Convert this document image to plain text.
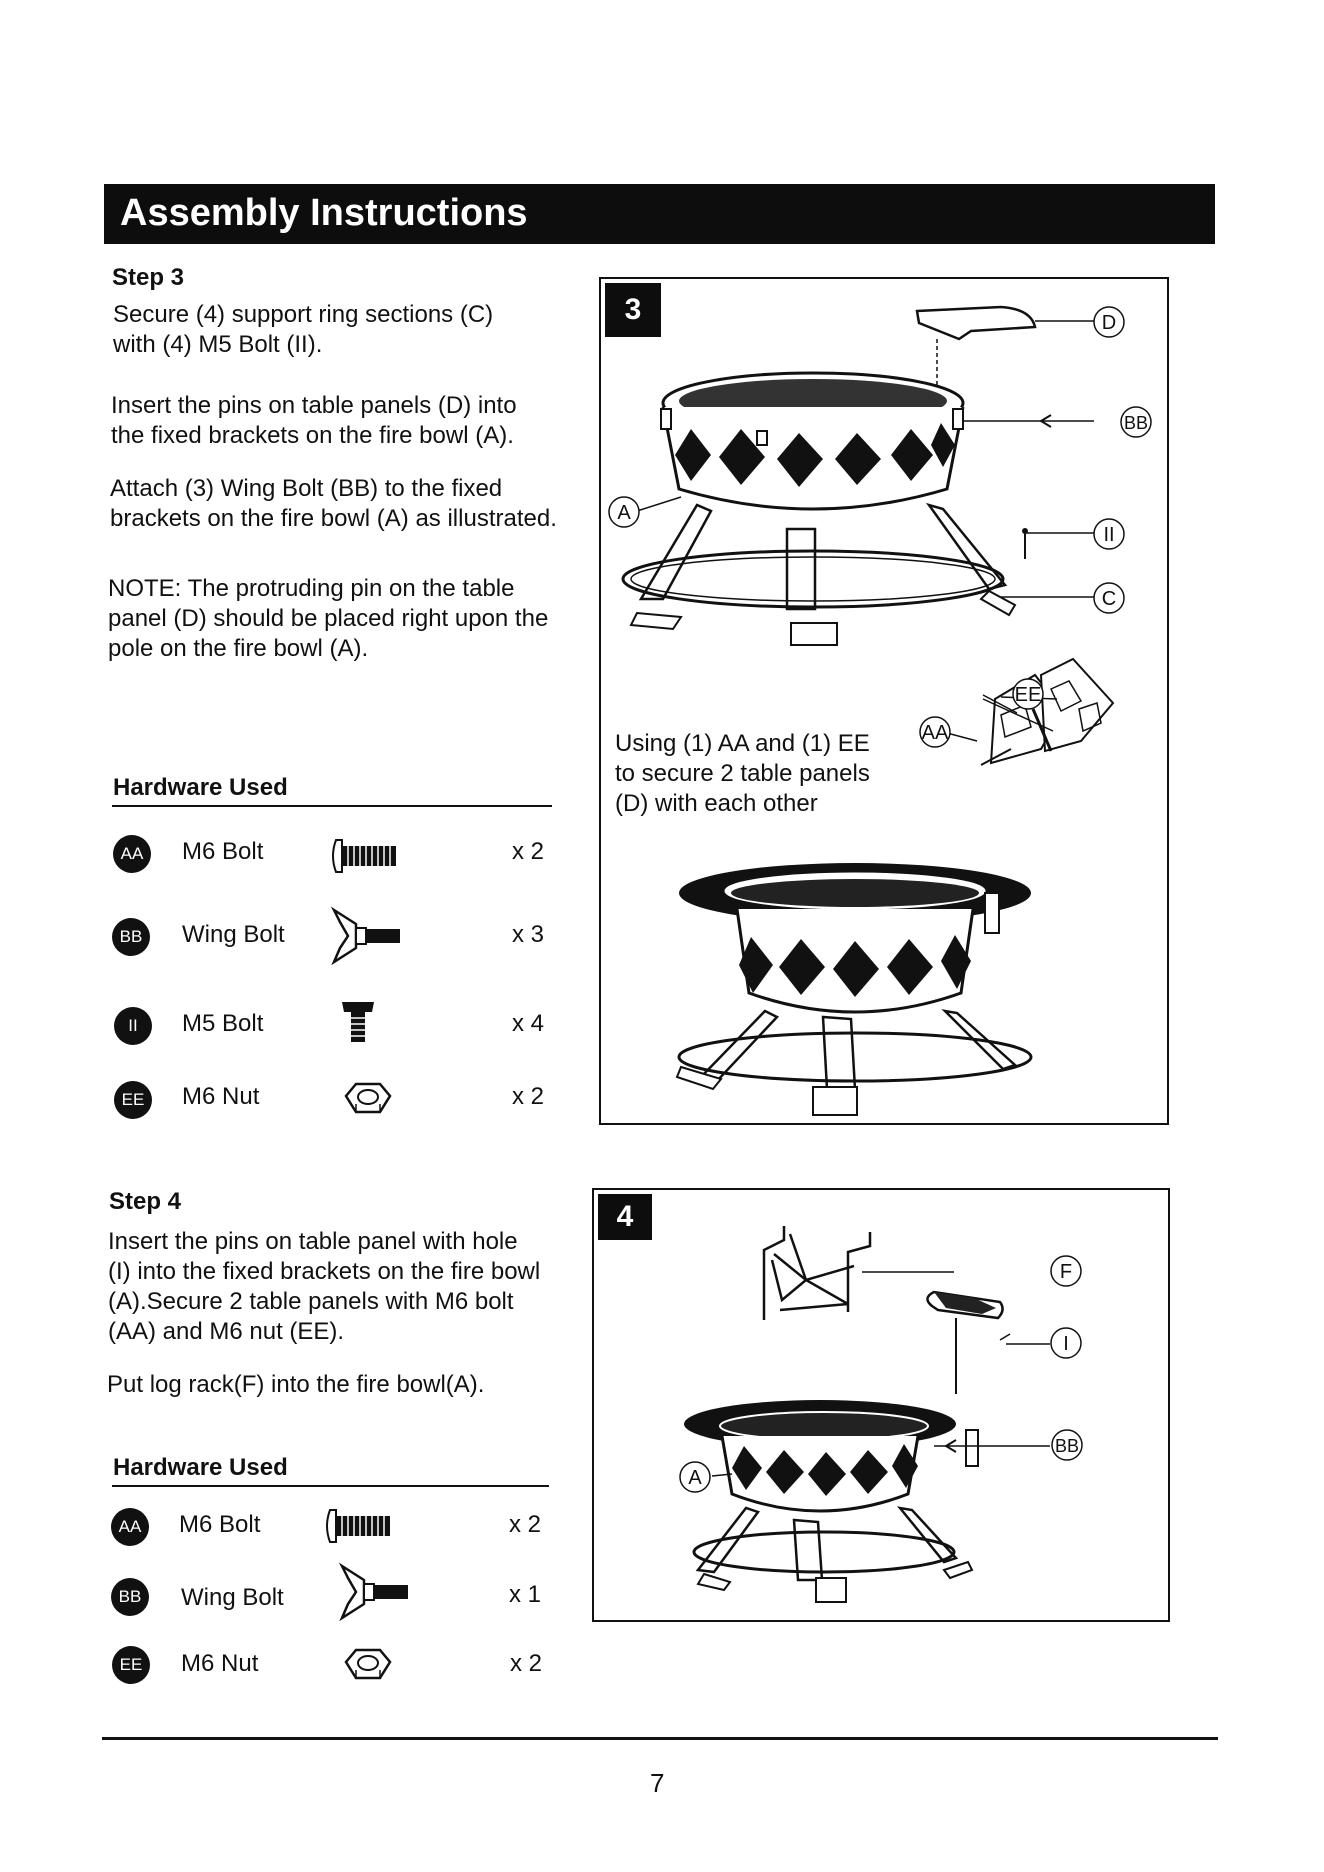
Assembly Instructions
Step 3
Secure (4) support ring sections (C)
with (4) M5 Bolt (II).
Insert the pins on table panels (D) into
the fixed brackets on the fire bowl (A).
Attach (3) Wing Bolt (BB) to the fixed
brackets on the fire bowl (A) as illustrated.
NOTE: The protruding pin on the table
panel (D) should be placed right upon the
pole on the fire bowl (A).
Hardware Used
AA	M6 Bolt	x 2
BB	Wing Bolt	x 3
II	M5 Bolt	x 4
EE	M6 Nut	x 2
3	D
BB
A
II
C
EE
AA
Using (1) AA and (1) EE
to secure 2 table panels
(D) with each other
Step 4
Insert the pins on table panel with hole
(I) into the fixed brackets on the fire bowl
(A).Secure 2 table panels with M6 bolt
(AA) and M6 nut (EE).
Put log rack(F) into the fire bowl(A).
Hardware Used
AA	M6 Bolt	x 2
BB	Wing Bolt	x 1
EE	M6 Nut	x 2
4
F
I
BB
A
7
